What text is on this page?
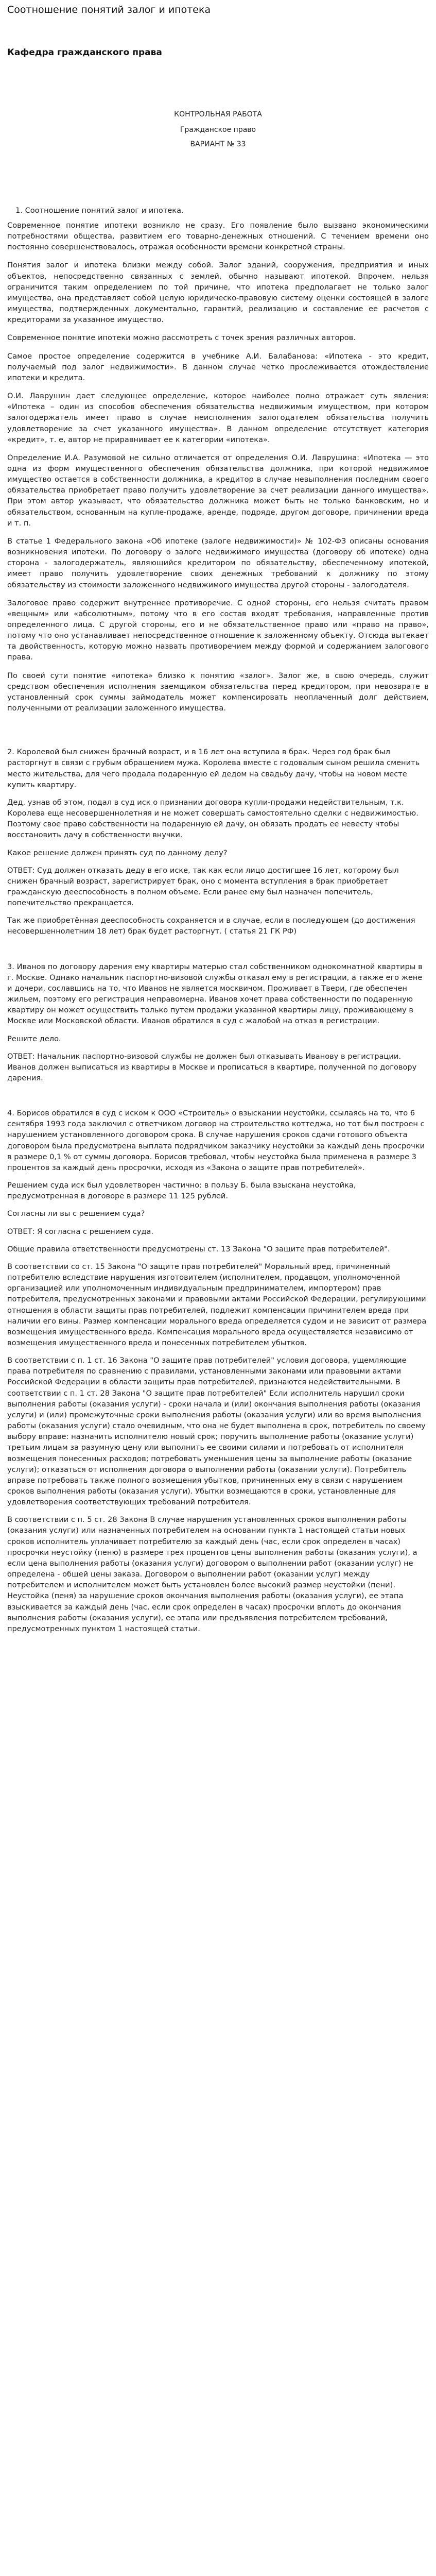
Соотношение понятий залог и ипотека
Кафедра гражданского права

КОНТРОЛЬНАЯ РАБОТА

Гражданское право

ВАРИАНТ № 33

1. Соотношение понятий залог и ипотека.

Современное понятие ипотеки возникло не сразу. Его появление было вызвано экономическими потребностями общества, развитием его товарно-денежных отношений. С течением времени оно постоянно совершенствовалось, отражая особенности времени конкретной страны.

Понятия залог и ипотека близки между собой. Залог зданий, сооружения, предприятия и иных объектов, непосредственно связанных с землей, обычно называют ипотекой. Впрочем, нельзя ограничится таким определением по той причине, что ипотека предполагает не только залог имущества, она представляет собой целую юридическо-правовую систему оценки состоящей в залоге имущества, подтвержденных документально, гарантий, реализацию и составление ее расчетов с кредиторами за указанное имущество.

Современное понятие ипотеки можно рассмотреть с точек зрения различных авторов.

Самое простое определение содержится в учебнике А.И. Балабанова: «Ипотека - это кредит, получаемый под залог недвижимости». В данном случае четко прослеживается отождествление ипотеки и кредита.

О.И. Лаврушин дает следующее определение, которое наиболее полно отражает суть явления: «Ипотека – один из способов обеспечения обязательства недвижимым имуществом, при котором залогодержатель имеет право в случае неисполнения залогодателем обязательства получить удовлетворение за счет указанного имущества». В данном определение отсутствует категория «кредит», т. е, автор не приравнивает ее к категории «ипотека».

Определение И.А. Разумовой не сильно отличается от определения О.И. Лаврушина: «Ипотека — это одна из форм имущественного обеспечения обязательства должника, при которой недвижимое имущество остается в собственности должника, а кредитор в случае невыполнения последним своего обязательства приобретает право получить удовлетворение за счет реализации данного имущества». При этом автор указывает, что обязательство должника может быть не только банковским, но и обязательством, основанным на купле-продаже, аренде, подряде, другом договоре, причинении вреда и т. п.

В статье 1 Федерального закона «Об ипотеке (залоге недвижимости)» № 102-ФЗ описаны основания возникновения ипотеки. По договору о залоге недвижимого имущества (договору об ипотеке) одна сторона - залогодержатель, являющийся кредитором по обязательству, обеспеченному ипотекой, имеет право получить удовлетворение своих денежных требований к должнику по этому обязательству из стоимости заложенного недвижимого имущества другой стороны - залогодателя.

Залоговое право содержит внутреннее противоречие. С одной стороны, его нельзя считать правом «вещным» или «абсолютным», потому что в его состав входят требования, направленные против определенного лица. С другой стороны, его и не обязательственное право или «право на право», потому что оно устанавливает непосредственное отношение к заложенному объекту. Отсюда вытекает та двойственность, которую можно назвать противоречием между формой и содержанием залогового права.

По своей сути понятие «ипотека» близко к понятию «залог». Залог же, в свою очередь, служит средством обеспечения исполнения заемщиком обязательства перед кредитором, при невозврате в установленный срок суммы займодатель может компенсировать неоплаченный долг действием, полученными от реализации заложенного имущества.

2. Королевой был снижен брачный возраст, и в 16 лет она вступила в брак. Через год брак был расторгнут в связи с грубым обращением мужа. Королева вместе с годовалым сыном решила сменить место жительства, для чего продала подаренную ей дедом на свадьбу дачу, чтобы на новом месте купить квартиру.

Дед, узнав об этом, подал в суд иск о признании договора купли-продажи недействительным, т.к. Королева еще несовершеннолетняя и не может совершать самостоятельно сделки с недвижимостью. Поэтому свое право собственности на подаренную ей дачу, он обязать продать ее невесту чтобы восстановить дачу в собственности внучки.

Какое решение должен принять суд по данному делу?

ОТВЕТ: Суд должен отказать деду в его иске, так как если лицо достигшее 16 лет, которому был снижен брачный возраст, зарегистрирует брак, оно с момента вступления в брак приобретает гражданскую дееспособность в полном объеме. Если ранее ему был назначен попечитель, попечительство прекращается.

Так же приобретённая дееспособность сохраняется и в случае, если в последующем (до достижения несовершеннолетним 18 лет) брак будет расторгнут. ( статья 21 ГК РФ)

3. Иванов по договору дарения ему квартиры матерью стал собственником однокомнатной квартиры в г. Москве. Однако начальник паспортно-визовой службы отказал ему в регистрации, а также его жене и дочери, сославшись на то, что Иванов не является москвичом. Проживает в Твери, где обеспечен жильем, поэтому его регистрация неправомерна. Иванов хочет права собственности по подаренную квартиру он может осуществить только путем продажи указанной квартиры лицу, проживающему в Москве или Московской области. Иванов обратился в суд с жалобой на отказ в регистрации.

Решите дело.

ОТВЕТ: Начальник паспортно-визовой службы не должен был отказывать Иванову в регистрации. Иванов должен выписаться из квартиры в Москве и прописаться в квартире, полученной по договору дарения.

4. Борисов обратился в суд с иском к ООО «Строитель» о взыскании неустойки, ссылаясь на то, что 6 сентября 1993 года заключил с ответчиком договор на строительство коттеджа, но тот был построен с нарушением установленного договором срока. В случае нарушения сроков сдачи готового объекта договором была предусмотрена выплата подрядчиком заказчику неустойки за каждый день просрочки в размере 0,1 % от суммы договора. Борисов требовал, чтобы неустойка была применена в размере 3 процентов за каждый день просрочки, исходя из «Закона о защите прав потребителей».

Решением суда иск был удовлетворен частично: в пользу Б. была взыскана неустойка, предусмотренная в договоре в размере 11 125 рублей.

Согласны ли вы с решением суда?

ОТВЕТ: Я согласна с решением суда.

Общие правила ответственности предусмотрены ст. 13 Закона "О защите прав потребителей".

В соответствии со ст. 15 Закона "О защите прав потребителей" Моральный вред, причиненный потребителю вследствие нарушения изготовителем (исполнителем, продавцом, уполномоченной организацией или уполномоченным индивидуальным предпринимателем, импортером) прав потребителя, предусмотренных законами и правовыми актами Российской Федерации, регулирующими отношения в области защиты прав потребителей, подлежит компенсации причинителем вреда при наличии его вины. Размер компенсации морального вреда определяется судом и не зависит от размера возмещения имущественного вреда. Компенсация морального вреда осуществляется независимо от возмещения имущественного вреда и понесенных потребителем убытков.

В соответствии с п. 1 ст. 16 Закона "О защите прав потребителей" условия договора, ущемляющие права потребителя по сравнению с правилами, установленными законами или правовыми актами Российской Федерации в области защиты прав потребителей, признаются недействительными. В соответствии с п. 1 ст. 28 Закона "О защите прав потребителей" Если исполнитель нарушил сроки выполнения работы (оказания услуги) - сроки начала и (или) окончания выполнения работы (оказания услуги) и (или) промежуточные сроки выполнения работы (оказания услуги) или во время выполнения работы (оказания услуги) стало очевидным, что она не будет выполнена в срок, потребитель по своему выбору вправе: назначить исполнителю новый срок; поручить выполнение работы (оказание услуги) третьим лицам за разумную цену или выполнить ее своими силами и потребовать от исполнителя возмещения понесенных расходов; потребовать уменьшения цены за выполнение работы (оказание услуги); отказаться от исполнения договора о выполнении работы (оказании услуги). Потребитель вправе потребовать также полного возмещения убытков, причиненных ему в связи с нарушением сроков выполнения работы (оказания услуги). Убытки возмещаются в сроки, установленные для удовлетворения соответствующих требований потребителя.

В соответствии с п. 5 ст. 28 Закона В случае нарушения установленных сроков выполнения работы (оказания услуги) или назначенных потребителем на основании пункта 1 настоящей статьи новых сроков исполнитель уплачивает потребителю за каждый день (час, если срок определен в часах) просрочки неустойку (пеню) в размере трех процентов цены выполнения работы (оказания услуги), а если цена выполнения работы (оказания услуги) договором о выполнении работ (оказании услуг) не определена - общей цены заказа. Договором о выполнении работ (оказании услуг) между потребителем и исполнителем может быть установлен более высокий размер неустойки (пени). Неустойка (пеня) за нарушение сроков окончания выполнения работы (оказания услуги), ее этапа взыскивается за каждый день (час, если срок определен в часах) просрочки вплоть до окончания выполнения работы (оказания услуги), ее этапа или предъявления потребителем требований, предусмотренных пунктом 1 настоящей статьи.
